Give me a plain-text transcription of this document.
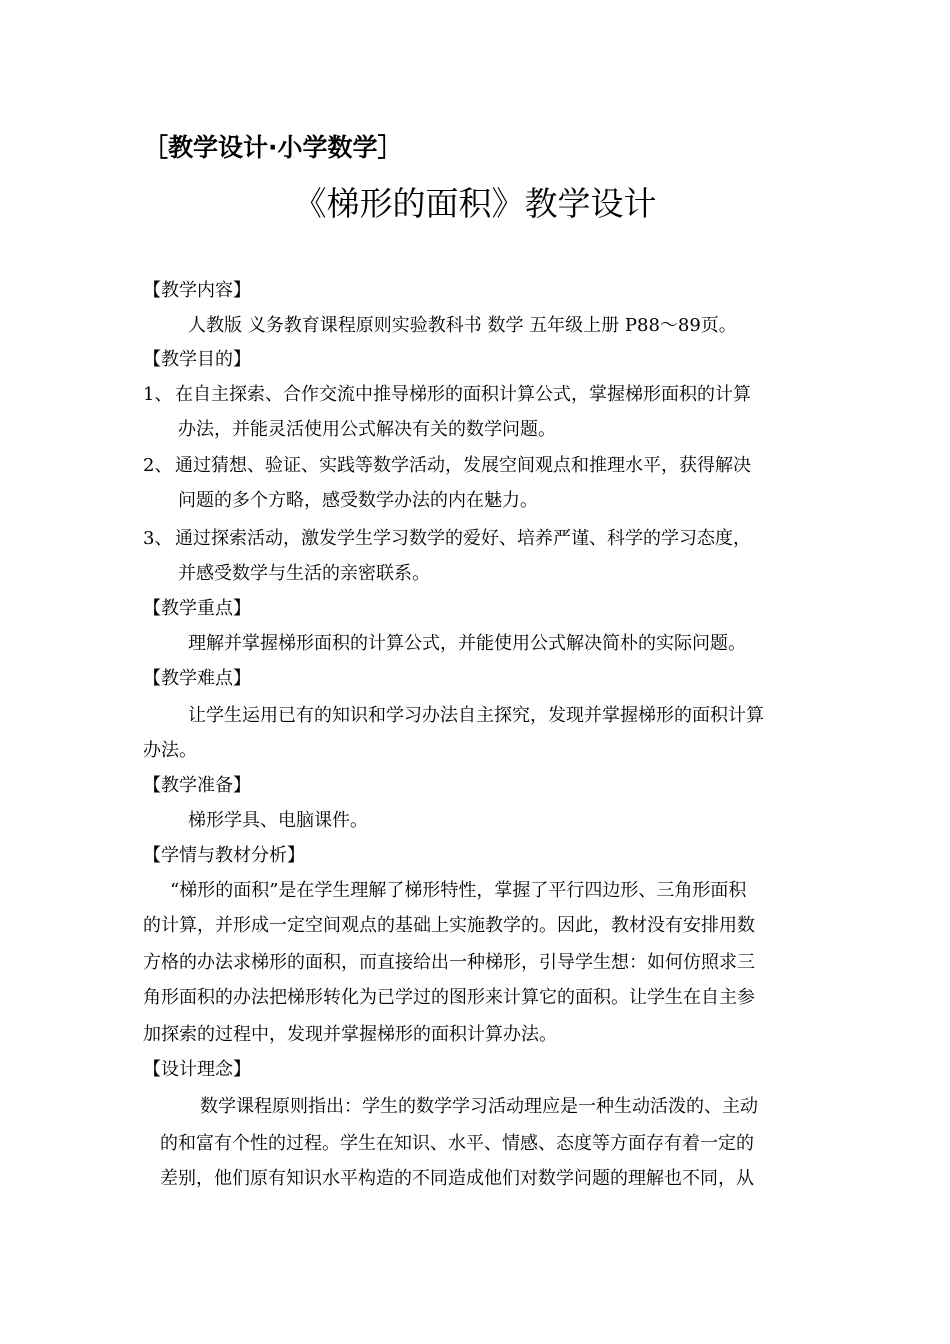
［教学设计·小学数学］
《梯形的面积》教学设计
【教学内容】
人教版 义务教育课程原则实验教科书 数学 五年级上册 P88～89页。
【教学目的】
1、 在自主探索、合作交流中推导梯形的面积计算公式，掌握梯形面积的计算
办法，并能灵活使用公式解决有关的数学问题。
2、 通过猜想、验证、实践等数学活动，发展空间观点和推理水平，获得解决
问题的多个方略，感受数学办法的内在魅力。
3、 通过探索活动，激发学生学习数学的爱好、培养严谨、科学的学习态度，
并感受数学与生活的亲密联系。
【教学重点】
理解并掌握梯形面积的计算公式，并能使用公式解决简朴的实际问题。
【教学难点】
让学生运用已有的知识和学习办法自主探究，发现并掌握梯形的面积计算
办法。
【教学准备】
梯形学具、电脑课件。
【学情与教材分析】
“梯形的面积”是在学生理解了梯形特性，掌握了平行四边形、三角形面积
的计算，并形成一定空间观点的基础上实施教学的。因此，教材没有安排用数
方格的办法求梯形的面积，而直接给出一种梯形，引导学生想：如何仿照求三
角形面积的办法把梯形转化为已学过的图形来计算它的面积。让学生在自主参
加探索的过程中，发现并掌握梯形的面积计算办法。
【设计理念】
数学课程原则指出：学生的数学学习活动理应是一种生动活泼的、主动
的和富有个性的过程。学生在知识、水平、情感、态度等方面存有着一定的
差别，他们原有知识水平构造的不同造成他们对数学问题的理解也不同，从
